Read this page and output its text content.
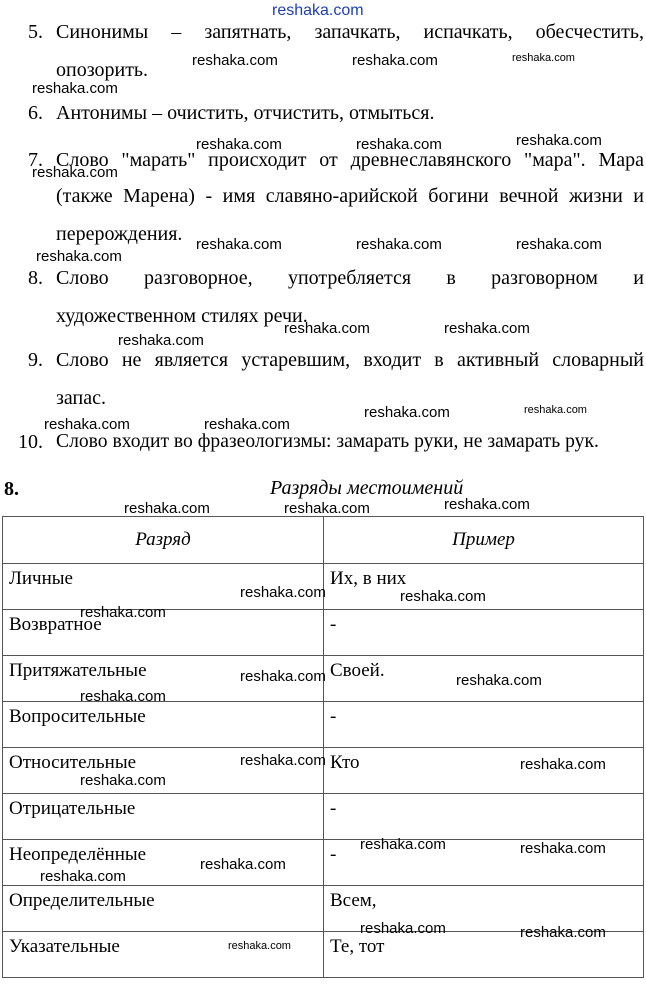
reshaka.com
5. Синонимы – запятнать, запачкать, испачкать, обесчестить,
опозорить.
6. Антонимы – очистить, отчистить, отмыться.
7. Слово "марать" происходит от древнеславянского "мара". Мара
(также Марена) - имя славяно-арийской богини вечной жизни и
перерождения.
8. Слово разговорное, употребляется в разговорном и
художественном стилях речи.
9. Слово не является устаревшим, входит в активный словарный
запас.
10. Слово входит во фразеологизмы: замарать руки, не замарать рук.
8.	Разряды местоимений
Разряд	Пример
Личные	Их, в них
Возвратное	-
Притяжательные	Своей.
Вопросительные	-
Относительные	Кто
Отрицательные	-
Неопределённые	-
Определительные	Всем,
Указательные	Те, тот
reshaka.com	reshaka.com	reshaka.com
reshaka.com
reshaka.com	reshaka.com	reshaka.com
reshaka.com
reshaka.com	reshaka.com	reshaka.com
reshaka.com
reshaka.com	reshaka.com
reshaka.com
reshaka.com	reshaka.com
reshaka.com	reshaka.com
reshaka.com
reshaka.com	reshaka.com
reshaka.com	reshaka.com
reshaka.com
reshaka.com	reshaka.com
reshaka.com
reshaka.com	reshaka.com
reshaka.com
reshaka.com	reshaka.com
reshaka.com
reshaka.com
reshaka.com	reshaka.com
reshaka.com
